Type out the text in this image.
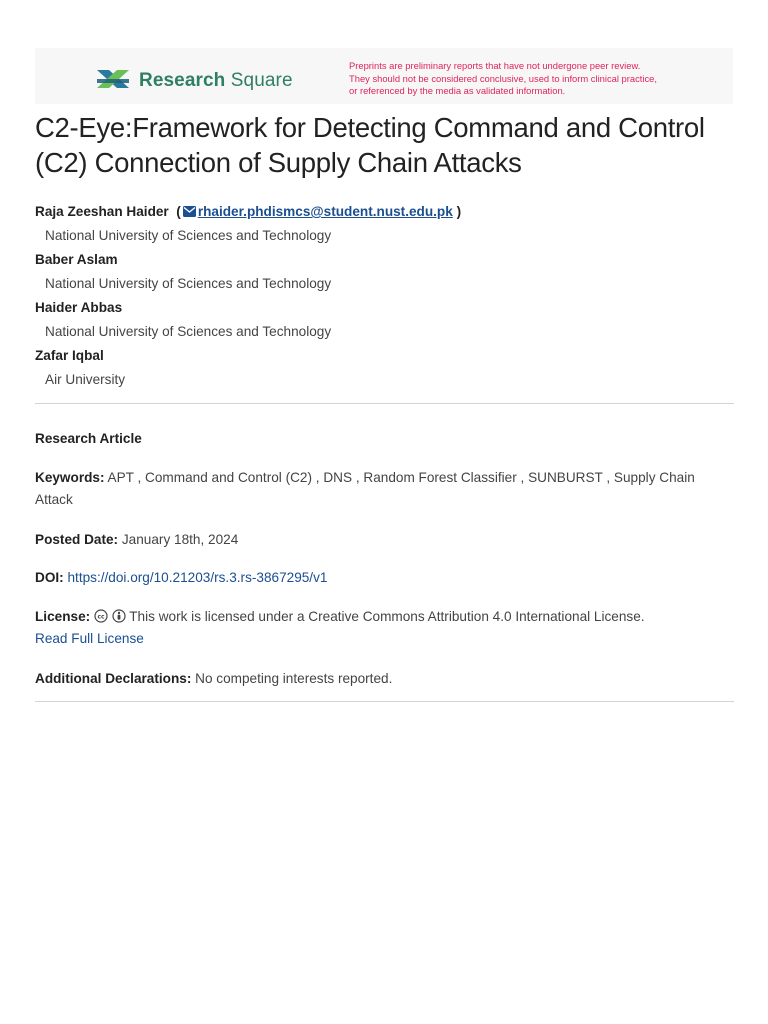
Research Square
Preprints are preliminary reports that have not undergone peer review.
They should not be considered conclusive, used to inform clinical practice,
or referenced by the media as validated information.
C2-Eye:Framework for Detecting Command and Control (C2) Connection of Supply Chain Attacks
Raja Zeeshan Haider  ( rhaider.phdismcs@student.nust.edu.pk )
National University of Sciences and Technology
Baber Aslam
National University of Sciences and Technology
Haider Abbas
National University of Sciences and Technology
Zafar Iqbal
Air University
Research Article
Keywords: APT , Command and Control (C2) , DNS , Random Forest Classifier , SUNBURST , Supply Chain Attack
Posted Date: January 18th, 2024
DOI: https://doi.org/10.21203/rs.3.rs-3867295/v1
License: cc This work is licensed under a Creative Commons Attribution 4.0 International License.
Read Full License
Additional Declarations: No competing interests reported.
